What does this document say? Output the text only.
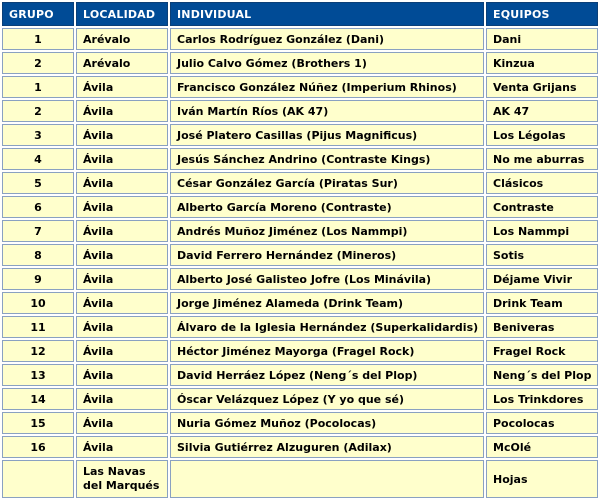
GRUPO	LOCALIDAD	INDIVIDUAL	EQUIPOS
1	Arévalo	Carlos Rodríguez González (Dani)	Dani
2	Arévalo	Julio Calvo Gómez (Brothers 1)	Kinzua
1	Ávila	Francisco González Núñez (Imperium Rhinos)	Venta Grijans
2	Ávila	Iván Martín Ríos (AK 47)	AK 47
3	Ávila	José Platero Casillas (Pijus Magnificus)	Los Légolas
4	Ávila	Jesús Sánchez Andrino (Contraste Kings)	No me aburras
5	Ávila	César González García (Piratas Sur)	Clásicos
6	Ávila	Alberto García Moreno (Contraste)	Contraste
7	Ávila	Andrés Muñoz Jiménez (Los Nammpi)	Los Nammpi
8	Ávila	David Ferrero Hernández (Mineros)	Sotis
9	Ávila	Alberto José Galisteo Jofre (Los Minávila)	Déjame Vivir
10	Ávila	Jorge Jiménez Alameda (Drink Team)	Drink Team
11	Ávila	Álvaro de la Iglesia Hernández (Superkalidardis)	Beniveras
12	Ávila	Héctor Jiménez Mayorga (Fragel Rock)	Fragel Rock
13	Ávila	David Herráez López (Neng´s del Plop)	Neng´s del Plop
14	Ávila	Óscar Velázquez López (Y yo que sé)	Los Trinkdores
15	Ávila	Nuria Gómez Muñoz (Pocolocas)	Pocolocas
16	Ávila	Silvia Gutiérrez Alzuguren (Adilax)	McOlé
	Las Navas del Marqués		Hojas
